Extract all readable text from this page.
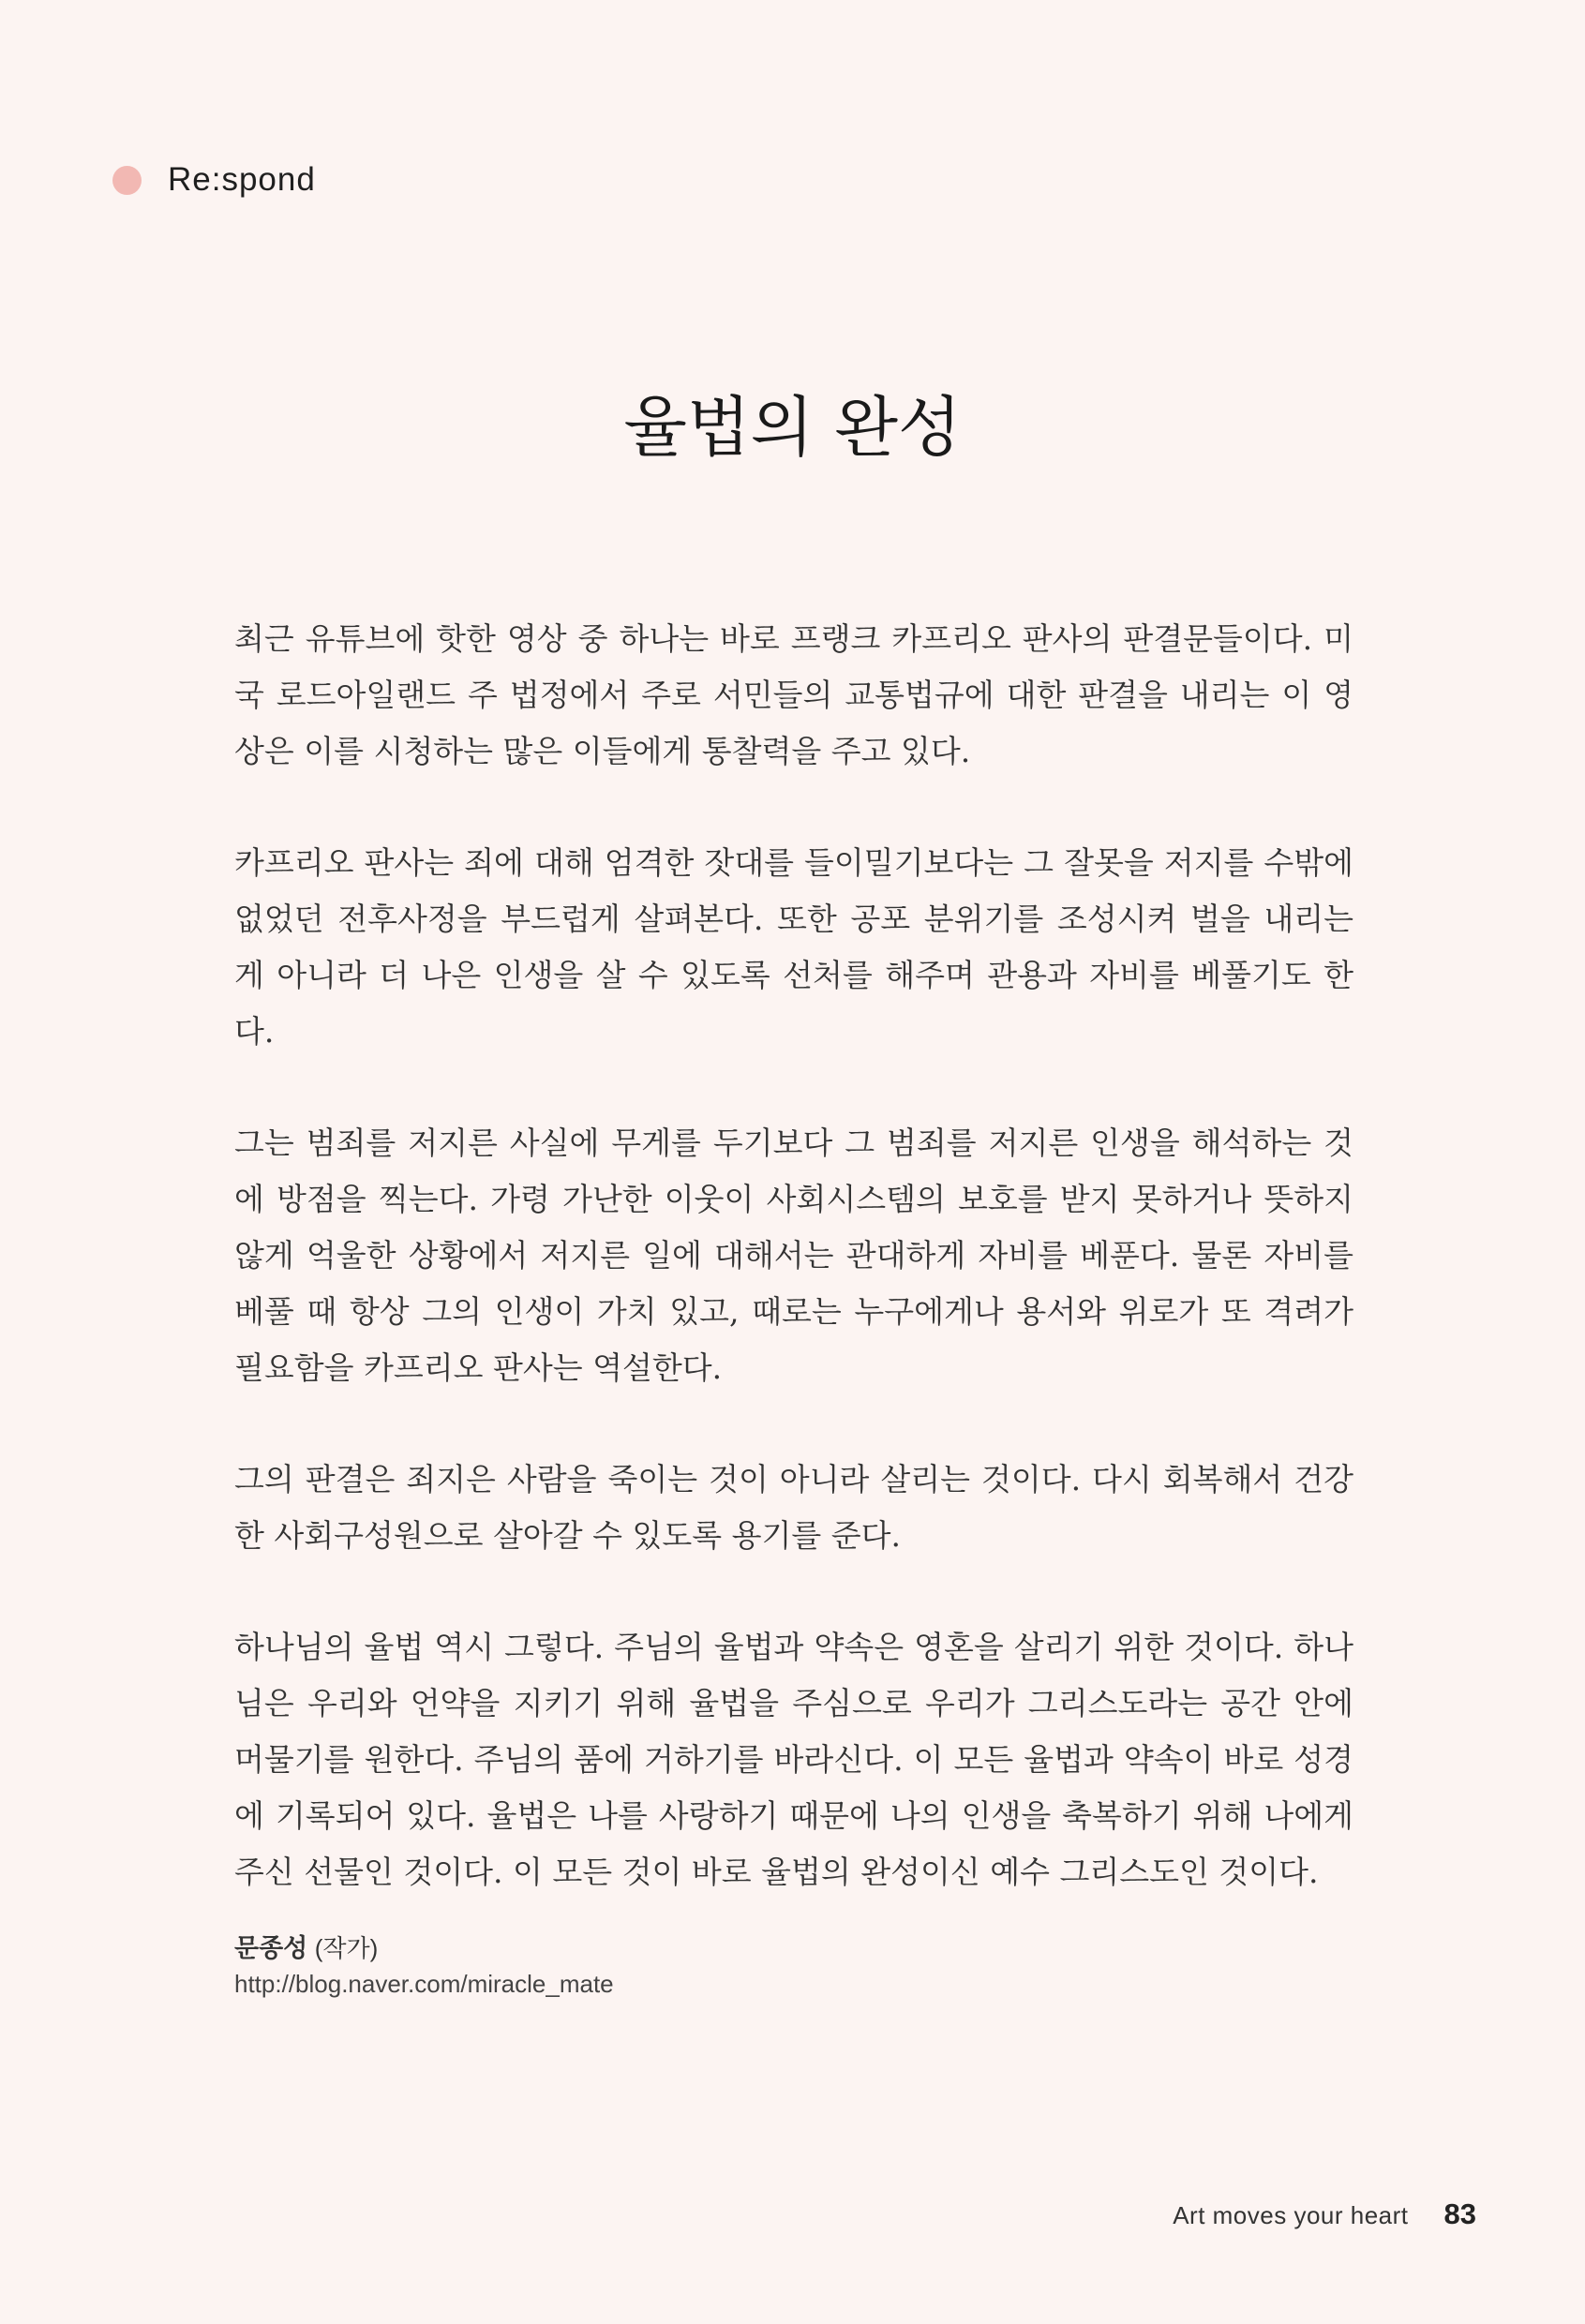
Re:spond
율법의 완성

최근 유튜브에 핫한 영상 중 하나는 바로 프랭크 카프리오 판사의 판결문들이다. 미국 로드아일랜드 주 법정에서 주로 서민들의 교통법규에 대한 판결을 내리는 이 영상은 이를 시청하는 많은 이들에게 통찰력을 주고 있다.

카프리오 판사는 죄에 대해 엄격한 잣대를 들이밀기보다는 그 잘못을 저지를 수밖에 없었던 전후사정을 부드럽게 살펴본다. 또한 공포 분위기를 조성시켜 벌을 내리는 게 아니라 더 나은 인생을 살 수 있도록 선처를 해주며 관용과 자비를 베풀기도 한다.

그는 범죄를 저지른 사실에 무게를 두기보다 그 범죄를 저지른 인생을 해석하는 것에 방점을 찍는다. 가령 가난한 이웃이 사회시스템의 보호를 받지 못하거나 뜻하지 않게 억울한 상황에서 저지른 일에 대해서는 관대하게 자비를 베푼다. 물론 자비를 베풀 때 항상 그의 인생이 가치 있고, 때로는 누구에게나 용서와 위로가 또 격려가 필요함을 카프리오 판사는 역설한다.

그의 판결은 죄지은 사람을 죽이는 것이 아니라 살리는 것이다. 다시 회복해서 건강한 사회구성원으로 살아갈 수 있도록 용기를 준다.

하나님의 율법 역시 그렇다. 주님의 율법과 약속은 영혼을 살리기 위한 것이다. 하나님은 우리와 언약을 지키기 위해 율법을 주심으로 우리가 그리스도라는 공간 안에 머물기를 원한다. 주님의 품에 거하기를 바라신다. 이 모든 율법과 약속이 바로 성경에 기록되어 있다. 율법은 나를 사랑하기 때문에 나의 인생을 축복하기 위해 나에게 주신 선물인 것이다. 이 모든 것이 바로 율법의 완성이신 예수 그리스도인 것이다.

문종성 (작가)
http://blog.naver.com/miracle_mate
Art moves your heart 83
